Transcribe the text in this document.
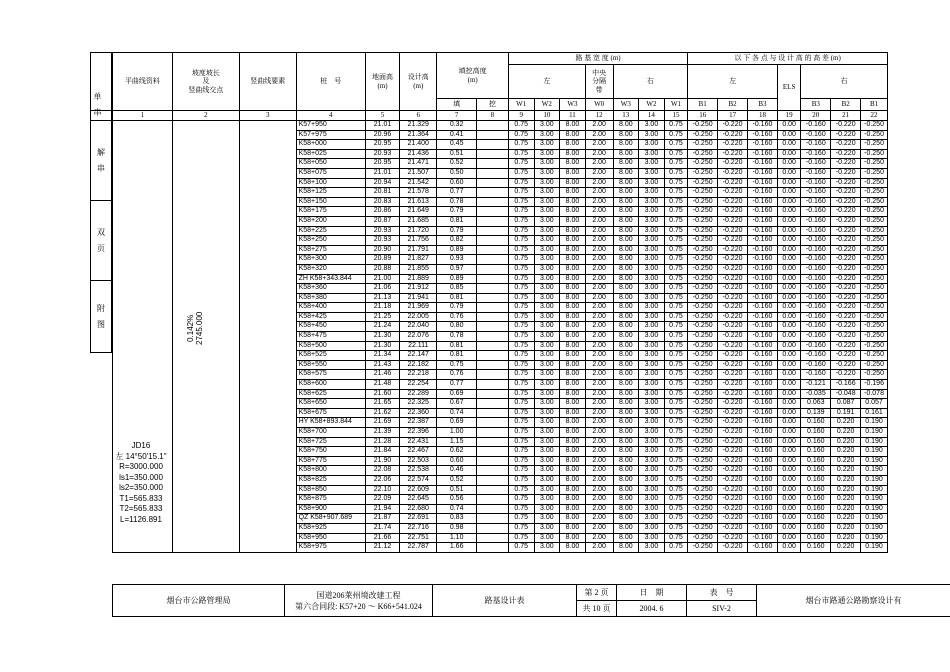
平曲线资料	坡度坡长
及
竖曲线交点	竖曲线要素	桩　号	地面高
(m)	设计高
(m)	填挖高度
(m)		路 基 宽 度 (m)							以 下 各 点 与 设 计 高 的 高 差 (m)						
								左			中央
分隔
带	右			左			ELS	右		
						填	挖	W1	W2	W3	W0	W3	W2	W1	B1	B2	B3		B3	B2	B1
1	2	3	4	5	6	7	8	9	10	11	12	13	14	15	16	17	18	19	20	21	22
			K57+950	21.01	21.329	0.32		0.75	3.00	8.00	2.00	8.00	3.00	0.75	-0.250	-0.220	-0.160	0.00	-0.160	-0.220	-0.250
			K57+975	20.96	21.364	0.41		0.75	3.00	8.00	2.00	8.00	3.00	0.75	-0.250	-0.220	-0.160	0.00	-0.160	-0.220	-0.250
			K58+000	20.95	21.400	0.45		0.75	3.00	8.00	2.00	8.00	3.00	0.75	-0.250	-0.220	-0.160	0.00	-0.160	-0.220	-0.250
			K58+025	20.93	21.436	0.51		0.75	3.00	8.00	2.00	8.00	3.00	0.75	-0.250	-0.220	-0.160	0.00	-0.160	-0.220	-0.250
			K58+050	20.95	21.471	0.52		0.75	3.00	8.00	2.00	8.00	3.00	0.75	-0.250	-0.220	-0.160	0.00	-0.160	-0.220	-0.250
			K58+075	21.01	21.507	0.50		0.75	3.00	8.00	2.00	8.00	3.00	0.75	-0.250	-0.220	-0.160	0.00	-0.160	-0.220	-0.250
			K58+100	20.94	21.542	0.60		0.75	3.00	8.00	2.00	8.00	3.00	0.75	-0.250	-0.220	-0.160	0.00	-0.160	-0.220	-0.250
			K58+125	20.81	21.578	0.77		0.75	3.00	8.00	2.00	8.00	3.00	0.75	-0.250	-0.220	-0.160	0.00	-0.160	-0.220	-0.250
			K58+150	20.83	21.613	0.78		0.75	3.00	8.00	2.00	8.00	3.00	0.75	-0.250	-0.220	-0.160	0.00	-0.160	-0.220	-0.250
			K58+175	20.86	21.649	0.79		0.75	3.00	8.00	2.00	8.00	3.00	0.75	-0.250	-0.220	-0.160	0.00	-0.160	-0.220	-0.250
			K58+200	20.87	21.685	0.81		0.75	3.00	8.00	2.00	8.00	3.00	0.75	-0.250	-0.220	-0.160	0.00	-0.160	-0.220	-0.250
			K58+225	20.93	21.720	0.79		0.75	3.00	8.00	2.00	8.00	3.00	0.75	-0.250	-0.220	-0.160	0.00	-0.160	-0.220	-0.250
			K58+250	20.93	21.756	0.82		0.75	3.00	8.00	2.00	8.00	3.00	0.75	-0.250	-0.220	-0.160	0.00	-0.160	-0.220	-0.250
			K58+275	20.90	21.791	0.89		0.75	3.00	8.00	2.00	8.00	3.00	0.75	-0.250	-0.220	-0.160	0.00	-0.160	-0.220	-0.250
			K58+300	20.89	21.827	0.93		0.75	3.00	8.00	2.00	8.00	3.00	0.75	-0.250	-0.220	-0.160	0.00	-0.160	-0.220	-0.250
			K58+320	20.88	21.855	0.97		0.75	3.00	8.00	2.00	8.00	3.00	0.75	-0.250	-0.220	-0.160	0.00	-0.160	-0.220	-0.250
			ZH K58+343.844	21.00	21.889	0.89		0.75	3.00	8.00	2.00	8.00	3.00	0.75	-0.250	-0.220	-0.160	0.00	-0.160	-0.220	-0.250
			K58+360	21.06	21.912	0.85		0.75	3.00	8.00	2.00	8.00	3.00	0.75	-0.250	-0.220	-0.160	0.00	-0.160	-0.220	-0.250
			K58+380	21.13	21.941	0.81		0.75	3.00	8.00	2.00	8.00	3.00	0.75	-0.250	-0.220	-0.160	0.00	-0.160	-0.220	-0.250
			K58+400	21.18	21.969	0.79		0.75	3.00	8.00	2.00	8.00	3.00	0.75	-0.250	-0.220	-0.160	0.00	-0.160	-0.220	-0.250
			K58+425	21.25	22.005	0.76		0.75	3.00	8.00	2.00	8.00	3.00	0.75	-0.250	-0.220	-0.160	0.00	-0.160	-0.220	-0.250
			K58+450	21.24	22.040	0.80		0.75	3.00	8.00	2.00	8.00	3.00	0.75	-0.250	-0.220	-0.160	0.00	-0.160	-0.220	-0.250
			K58+475	21.30	22.076	0.78		0.75	3.00	8.00	2.00	8.00	3.00	0.75	-0.250	-0.220	-0.160	0.00	-0.160	-0.220	-0.250
			K58+500	21.30	22.111	0.81		0.75	3.00	8.00	2.00	8.00	3.00	0.75	-0.250	-0.220	-0.160	0.00	-0.160	-0.220	-0.250
			K58+525	21.34	22.147	0.81		0.75	3.00	8.00	2.00	8.00	3.00	0.75	-0.250	-0.220	-0.160	0.00	-0.160	-0.220	-0.250
			K58+550	21.43	22.182	0.75		0.75	3.00	8.00	2.00	8.00	3.00	0.75	-0.250	-0.220	-0.160	0.00	-0.160	-0.220	-0.250
			K58+575	21.46	22.218	0.76		0.75	3.00	8.00	2.00	8.00	3.00	0.75	-0.250	-0.220	-0.160	0.00	-0.160	-0.220	-0.250
			K58+600	21.48	22.254	0.77		0.75	3.00	8.00	2.00	8.00	3.00	0.75	-0.250	-0.220	-0.160	0.00	-0.121	-0.166	-0.196
			K58+625	21.60	22.289	0.69		0.75	3.00	8.00	2.00	8.00	3.00	0.75	-0.250	-0.220	-0.160	0.00	-0.035	-0.048	-0.078
			K58+650	21.65	22.325	0.67		0.75	3.00	8.00	2.00	8.00	3.00	0.75	-0.250	-0.220	-0.160	0.00	0.063	0.087	0.057
			K58+675	21.62	22.360	0.74		0.75	3.00	8.00	2.00	8.00	3.00	0.75	-0.250	-0.220	-0.160	0.00	0.139	0.191	0.161
			HY K58+893.844	21.69	22.387	0.69		0.75	3.00	8.00	2.00	8.00	3.00	0.75	-0.250	-0.220	-0.160	0.00	0.160	0.220	0.190
			K58+700	21.39	22.396	1.00		0.75	3.00	8.00	2.00	8.00	3.00	0.75	-0.250	-0.220	-0.160	0.00	0.160	0.220	0.190
			K58+725	21.28	22.431	1.15		0.75	3.00	8.00	2.00	8.00	3.00	0.75	-0.250	-0.220	-0.160	0.00	0.160	0.220	0.190
			K58+750	21.84	22.467	0.62		0.75	3.00	8.00	2.00	8.00	3.00	0.75	-0.250	-0.220	-0.160	0.00	0.160	0.220	0.190
			K58+775	21.90	22.503	0.60		0.75	3.00	8.00	2.00	8.00	3.00	0.75	-0.250	-0.220	-0.160	0.00	0.160	0.220	0.190
			K58+800	22.08	22.538	0.46		0.75	3.00	8.00	2.00	8.00	3.00	0.75	-0.250	-0.220	-0.160	0.00	0.160	0.220	0.190
			K58+825	22.06	22.574	0.52		0.75	3.00	8.00	2.00	8.00	3.00	0.75	-0.250	-0.220	-0.160	0.00	0.160	0.220	0.190
			K58+850	22.10	22.609	0.51		0.75	3.00	8.00	2.00	8.00	3.00	0.75	-0.250	-0.220	-0.160	0.00	0.160	0.220	0.190
			K58+875	22.09	22.645	0.56		0.75	3.00	8.00	2.00	8.00	3.00	0.75	-0.250	-0.220	-0.160	0.00	0.160	0.220	0.190
			K58+900	21.94	22.680	0.74		0.75	3.00	8.00	2.00	8.00	3.00	0.75	-0.250	-0.220	-0.160	0.00	0.160	0.220	0.190
			QZ K58+907.689	21.87	22.691	0.83		0.75	3.00	8.00	2.00	8.00	3.00	0.75	-0.250	-0.220	-0.160	0.00	0.160	0.220	0.190
			K58+925	21.74	22.716	0.98		0.75	3.00	8.00	2.00	8.00	3.00	0.75	-0.250	-0.220	-0.160	0.00	0.160	0.220	0.190
			K58+950	21.66	22.751	1.10		0.75	3.00	8.00	2.00	8.00	3.00	0.75	-0.250	-0.220	-0.160	0.00	0.160	0.220	0.190
			K58+975	21.12	22.787	1.66		0.75	3.00	8.00	2.00	8.00	3.00	0.75	-0.250	-0.220	-0.160	0.00	0.160	0.220	0.190

解　串
双　页
附　图
单　串
0.142% 2745.000
JD16
左 14°50'15.1"
R=3000.000
ls1=350.000
ls2=350.000
T1=565.833
T2=565.833
L=1126.891
烟台市公路管理局	国道206莱州境改建工程
第六合同段: K57+20 ～ K66+541.024	路基设计表	第 2 页	日　期	表　号	烟台市路通公路勘察设计有
			共 10 页	2004. 6	SIV-2	
